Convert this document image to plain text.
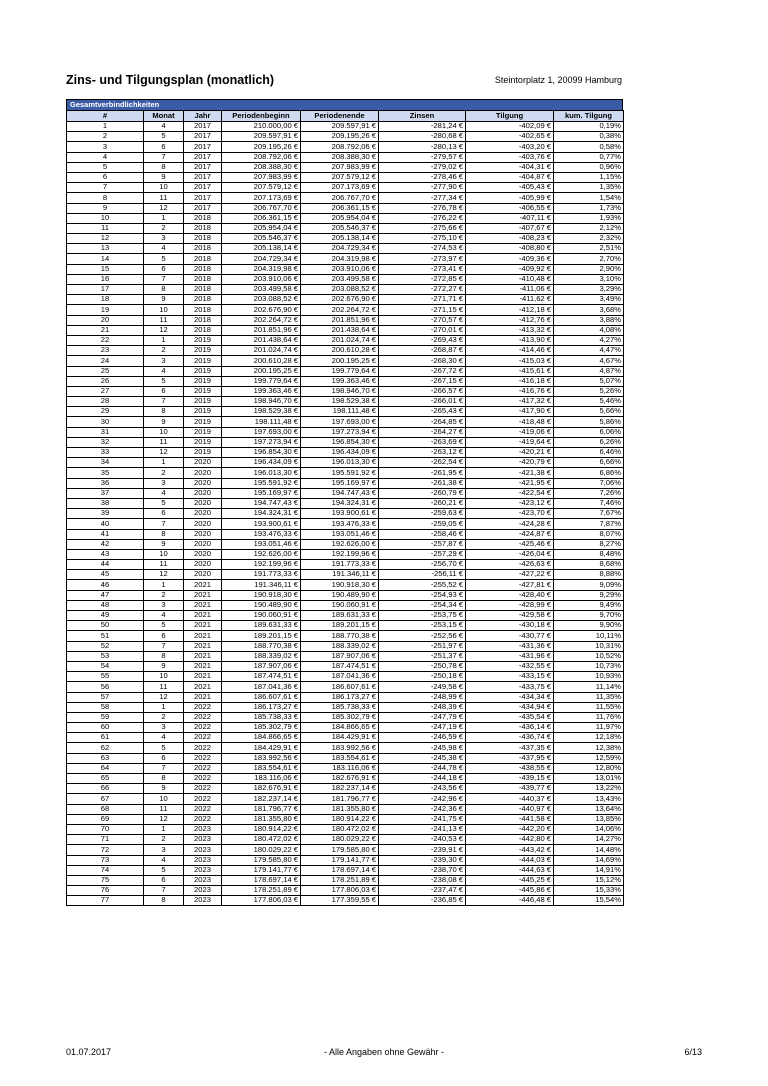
Zins- und Tilgungsplan (monatlich)	Steintorplatz 1, 20099 Hamburg
Gesamtverbindlichkeiten
#	Monat	Jahr	Periodenbeginn	Periodenende	Zinsen	Tilgung	kum. Tilgung
1	4	2017	210.000,00 €	209.597,91 €	-281,24 €	-402,09 €	0,19%
2	5	2017	209.597,91 €	209.195,26 €	-280,68 €	-402,65 €	0,38%
3	6	2017	209.195,26 €	208.792,06 €	-280,13 €	-403,20 €	0,58%
4	7	2017	208.792,06 €	208.388,30 €	-279,57 €	-403,76 €	0,77%
5	8	2017	208.388,30 €	207.983,99 €	-279,02 €	-404,31 €	0,96%
6	9	2017	207.983,99 €	207.579,12 €	-278,46 €	-404,87 €	1,15%
7	10	2017	207.579,12 €	207.173,69 €	-277,90 €	-405,43 €	1,35%
8	11	2017	207.173,69 €	206.767,70 €	-277,34 €	-405,99 €	1,54%
9	12	2017	206.767,70 €	206.361,15 €	-276,78 €	-406,55 €	1,73%
10	1	2018	206.361,15 €	205.954,04 €	-276,22 €	-407,11 €	1,93%
11	2	2018	205.954,04 €	205.546,37 €	-275,66 €	-407,67 €	2,12%
12	3	2018	205.546,37 €	205.138,14 €	-275,10 €	-408,23 €	2,32%
13	4	2018	205.138,14 €	204.729,34 €	-274,53 €	-408,80 €	2,51%
14	5	2018	204.729,34 €	204.319,98 €	-273,97 €	-409,36 €	2,70%
15	6	2018	204.319,98 €	203.910,06 €	-273,41 €	-409,92 €	2,90%
16	7	2018	203.910,06 €	203.499,58 €	-272,85 €	-410,48 €	3,10%
17	8	2018	203.499,58 €	203.088,52 €	-272,27 €	-411,06 €	3,29%
18	9	2018	203.088,52 €	202.676,90 €	-271,71 €	-411,62 €	3,49%
19	10	2018	202.676,90 €	202.264,72 €	-271,15 €	-412,18 €	3,68%
20	11	2018	202.264,72 €	201.851,96 €	-270,57 €	-412,76 €	3,88%
21	12	2018	201.851,96 €	201.438,64 €	-270,01 €	-413,32 €	4,08%
22	1	2019	201.438,64 €	201.024,74 €	-269,43 €	-413,90 €	4,27%
23	2	2019	201.024,74 €	200.610,28 €	-268,87 €	-414,46 €	4,47%
24	3	2019	200.610,28 €	200.195,25 €	-268,30 €	-415,03 €	4,67%
25	4	2019	200.195,25 €	199.779,64 €	-267,72 €	-415,61 €	4,87%
26	5	2019	199.779,64 €	199.363,46 €	-267,15 €	-416,18 €	5,07%
27	6	2019	199.363,46 €	198.946,70 €	-266,57 €	-416,76 €	5,26%
28	7	2019	198.946,70 €	198.529,38 €	-266,01 €	-417,32 €	5,46%
29	8	2019	198.529,38 €	198.111,48 €	-265,43 €	-417,90 €	5,66%
30	9	2019	198.111,48 €	197.693,00 €	-264,85 €	-418,48 €	5,86%
31	10	2019	197.693,00 €	197.273,94 €	-264,27 €	-419,06 €	6,06%
32	11	2019	197.273,94 €	196.854,30 €	-263,69 €	-419,64 €	6,26%
33	12	2019	196.854,30 €	196.434,09 €	-263,12 €	-420,21 €	6,46%
34	1	2020	196.434,09 €	196.013,30 €	-262,54 €	-420,79 €	6,66%
35	2	2020	196.013,30 €	195.591,92 €	-261,95 €	-421,38 €	6,86%
36	3	2020	195.591,92 €	195.169,97 €	-261,38 €	-421,95 €	7,06%
37	4	2020	195.169,97 €	194.747,43 €	-260,79 €	-422,54 €	7,26%
38	5	2020	194.747,43 €	194.324,31 €	-260,21 €	-423,12 €	7,46%
39	6	2020	194.324,31 €	193.900,61 €	-259,63 €	-423,70 €	7,67%
40	7	2020	193.900,61 €	193.476,33 €	-259,05 €	-424,28 €	7,87%
41	8	2020	193.476,33 €	193.051,46 €	-258,46 €	-424,87 €	8,07%
42	9	2020	193.051,46 €	192.626,00 €	-257,87 €	-425,46 €	8,27%
43	10	2020	192.626,00 €	192.199,96 €	-257,29 €	-426,04 €	8,48%
44	11	2020	192.199,96 €	191.773,33 €	-256,70 €	-426,63 €	8,68%
45	12	2020	191.773,33 €	191.346,11 €	-256,11 €	-427,22 €	8,88%
46	1	2021	191.346,11 €	190.918,30 €	-255,52 €	-427,81 €	9,09%
47	2	2021	190.918,30 €	190.489,90 €	-254,93 €	-428,40 €	9,29%
48	3	2021	190.489,90 €	190.060,91 €	-254,34 €	-428,99 €	9,49%
49	4	2021	190.060,91 €	189.631,33 €	-253,75 €	-429,58 €	9,70%
50	5	2021	189.631,33 €	189.201,15 €	-253,15 €	-430,18 €	9,90%
51	6	2021	189.201,15 €	188.770,38 €	-252,56 €	-430,77 €	10,11%
52	7	2021	188.770,38 €	188.339,02 €	-251,97 €	-431,36 €	10,31%
53	8	2021	188.339,02 €	187.907,06 €	-251,37 €	-431,96 €	10,52%
54	9	2021	187.907,06 €	187.474,51 €	-250,78 €	-432,55 €	10,73%
55	10	2021	187.474,51 €	187.041,36 €	-250,18 €	-433,15 €	10,93%
56	11	2021	187.041,36 €	186.607,61 €	-249,58 €	-433,75 €	11,14%
57	12	2021	186.607,61 €	186.173,27 €	-248,99 €	-434,34 €	11,35%
58	1	2022	186.173,27 €	185.738,33 €	-248,39 €	-434,94 €	11,55%
59	2	2022	185.738,33 €	185.302,79 €	-247,79 €	-435,54 €	11,76%
60	3	2022	185.302,79 €	184.866,65 €	-247,19 €	-436,14 €	11,97%
61	4	2022	184.866,65 €	184.429,91 €	-246,59 €	-436,74 €	12,18%
62	5	2022	184.429,91 €	183.992,56 €	-245,98 €	-437,35 €	12,38%
63	6	2022	183.992,56 €	183.554,61 €	-245,38 €	-437,95 €	12,59%
64	7	2022	183.554,61 €	183.116,06 €	-244,78 €	-438,55 €	12,80%
65	8	2022	183.116,06 €	182.676,91 €	-244,18 €	-439,15 €	13,01%
66	9	2022	182.676,91 €	182.237,14 €	-243,56 €	-439,77 €	13,22%
67	10	2022	182.237,14 €	181.796,77 €	-242,96 €	-440,37 €	13,43%
68	11	2022	181.796,77 €	181.355,80 €	-242,36 €	-440,97 €	13,64%
69	12	2022	181.355,80 €	180.914,22 €	-241,75 €	-441,58 €	13,85%
70	1	2023	180.914,22 €	180.472,02 €	-241,13 €	-442,20 €	14,06%
71	2	2023	180.472,02 €	180.029,22 €	-240,53 €	-442,80 €	14,27%
72	3	2023	180.029,22 €	179.585,80 €	-239,91 €	-443,42 €	14,48%
73	4	2023	179.585,80 €	179.141,77 €	-239,30 €	-444,03 €	14,69%
74	5	2023	179.141,77 €	178.697,14 €	-238,70 €	-444,63 €	14,91%
75	6	2023	178.697,14 €	178.251,89 €	-238,08 €	-445,25 €	15,12%
76	7	2023	178.251,89 €	177.806,03 €	-237,47 €	-445,86 €	15,33%
77	8	2023	177.806,03 €	177.359,55 €	-236,85 €	-446,48 €	15,54%
01.07.2017	- Alle Angaben ohne Gewähr -	6/13
